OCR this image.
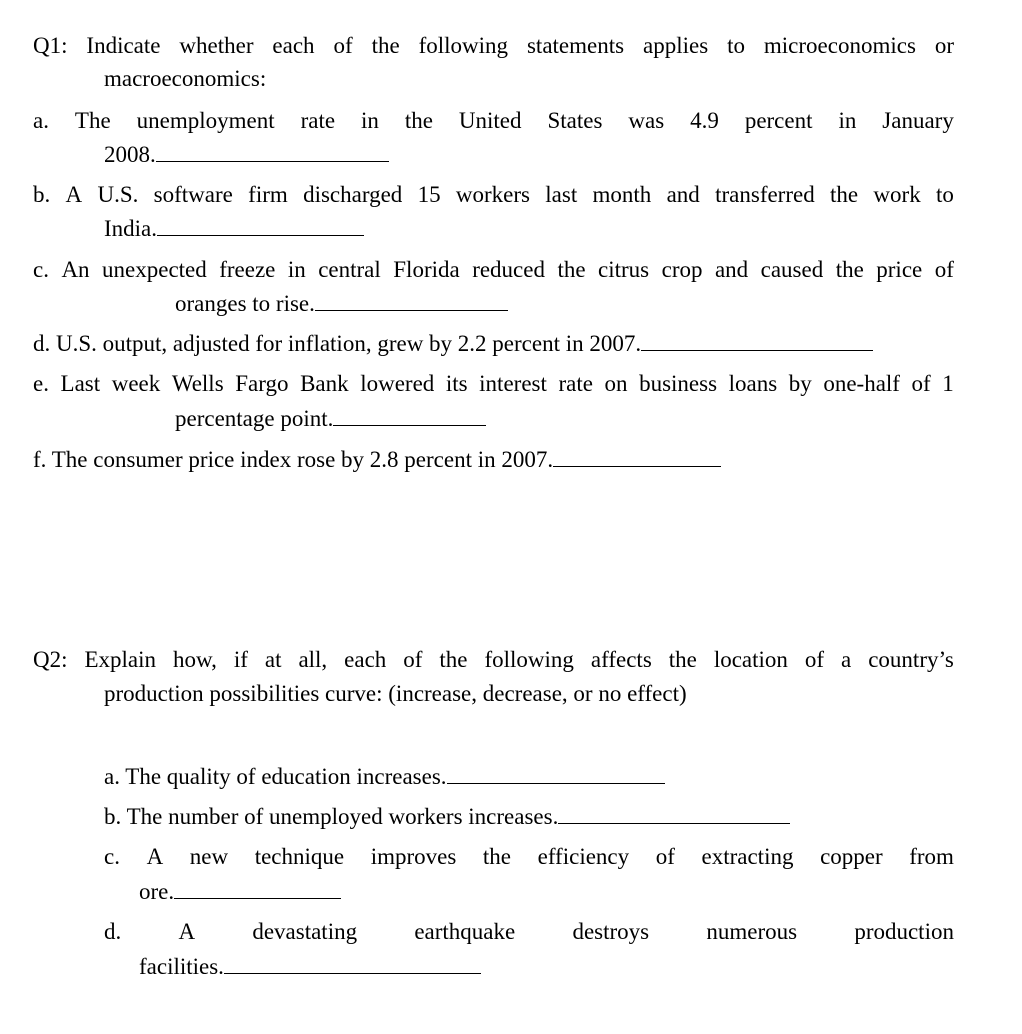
Q1: Indicate whether each of the following statements applies to microeconomics or
macroeconomics:
a. The unemployment rate in the United States was 4.9 percent in January
2008.
b. A U.S. software firm discharged 15 workers last month and transferred the work to
India.
c. An unexpected freeze in central Florida reduced the citrus crop and caused the price of
oranges to rise.
d. U.S. output, adjusted for inflation, grew by 2.2 percent in 2007.
e. Last week Wells Fargo Bank lowered its interest rate on business loans by one-half of 1
percentage point.
f. The consumer price index rose by 2.8 percent in 2007.
Q2: Explain how, if at all, each of the following affects the location of a country’s
production possibilities curve: (increase, decrease, or no effect)
a. The quality of education increases.
b. The number of unemployed workers increases.
c. A new technique improves the efficiency of extracting copper from
ore.
d. A devastating earthquake destroys numerous production
facilities.
